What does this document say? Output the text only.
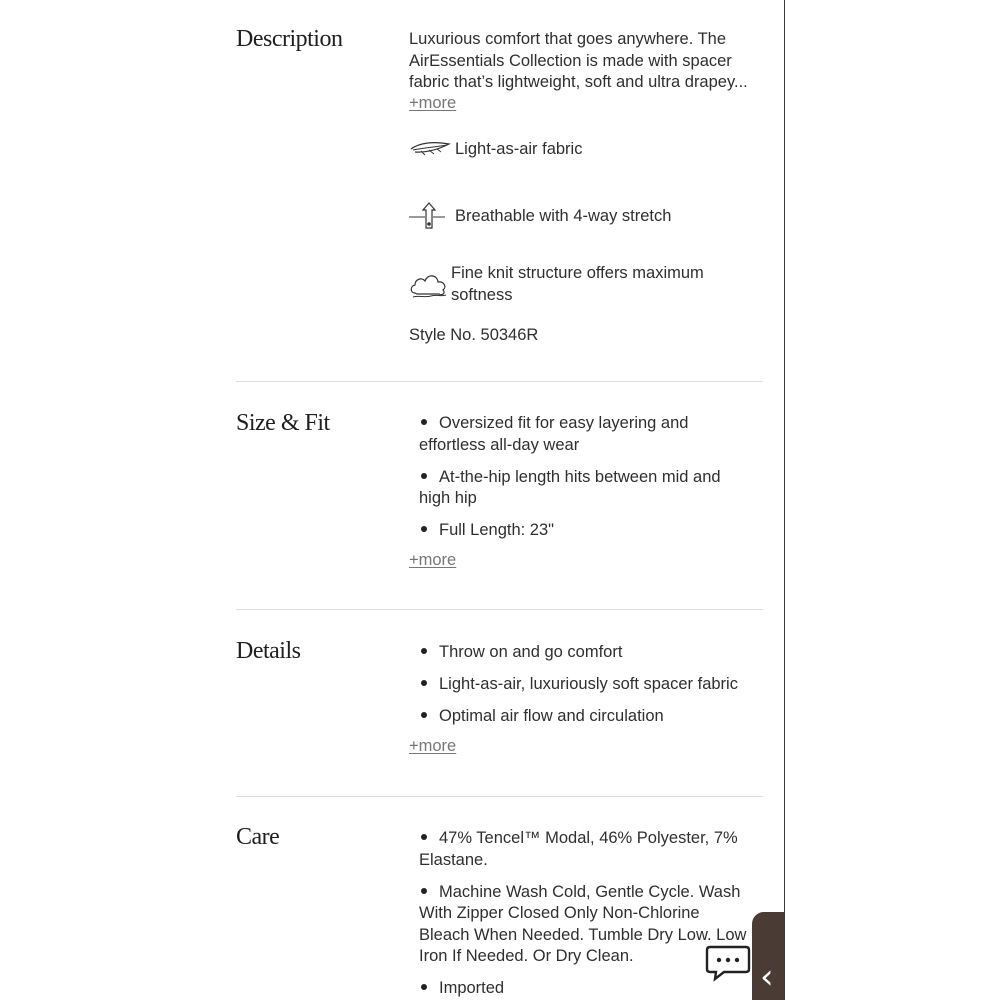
Description	Luxurious comfort that goes anywhere. The
AirEssentials Collection is made with spacer
fabric that’s lightweight, soft and ultra drapey...

+more
Light-as-air fabric
Breathable with 4-way stretch
Fine knit structure offers maximum
softness
Style No. 50346R
Size & Fit	Oversized fit for easy layering and
effortless all-day wear
At-the-hip length hits between mid and
high hip
Full Length: 23"
+more
Details	Throw on and go comfort
Light-as-air, luxuriously soft spacer fabric
Optimal air flow and circulation
+more
Care	47% Tencel™ Modal, 46% Polyester, 7%
Elastane.
Machine Wash Cold, Gentle Cycle. Wash
With Zipper Closed Only Non-Chlorine
Bleach When Needed. Tumble Dry Low. Low
Iron If Needed. Or Dry Clean.
Imported	‹
